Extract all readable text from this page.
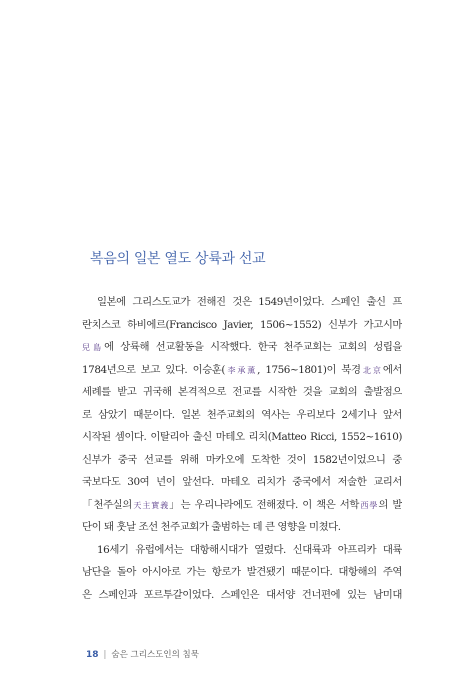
복음의 일본 열도 상륙과 선교
일본에 그리스도교가 전해진 것은 1549년이었다. 스페인 출신 프
란치스코 하비에르(Francisco Javier, 1506~1552) 신부가 가고시마
兒島에 상륙해 선교활동을 시작했다. 한국 천주교회는 교회의 성립을
1784년으로 보고 있다. 이승훈(李承薰, 1756~1801)이 북경北京에서
세례를 받고 귀국해 본격적으로 전교를 시작한 것을 교회의 출발점으
로 삼았기 때문이다. 일본 천주교회의 역사는 우리보다 2세기나 앞서
시작된 셈이다. 이탈리아 출신 마테오 리치(Matteo Ricci, 1552~1610)
신부가 중국 선교를 위해 마카오에 도착한 것이 1582년이었으니 중
국보다도 30여 년이 앞선다. 마테오 리치가 중국에서 저술한 교리서
「천주실의天主實義」는 우리나라에도 전해졌다. 이 책은 서학西學의 발
단이 돼 훗날 조선 천주교회가 출범하는 데 큰 영향을 미쳤다.
16세기 유럽에서는 대항해시대가 열렸다. 신대륙과 아프리카 대륙
남단을 돌아 아시아로 가는 항로가 발견됐기 때문이다. 대항해의 주역
은 스페인과 포르투갈이었다. 스페인은 대서양 건너편에 있는 남미대
18 | 숨은 그리스도인의 침묵
